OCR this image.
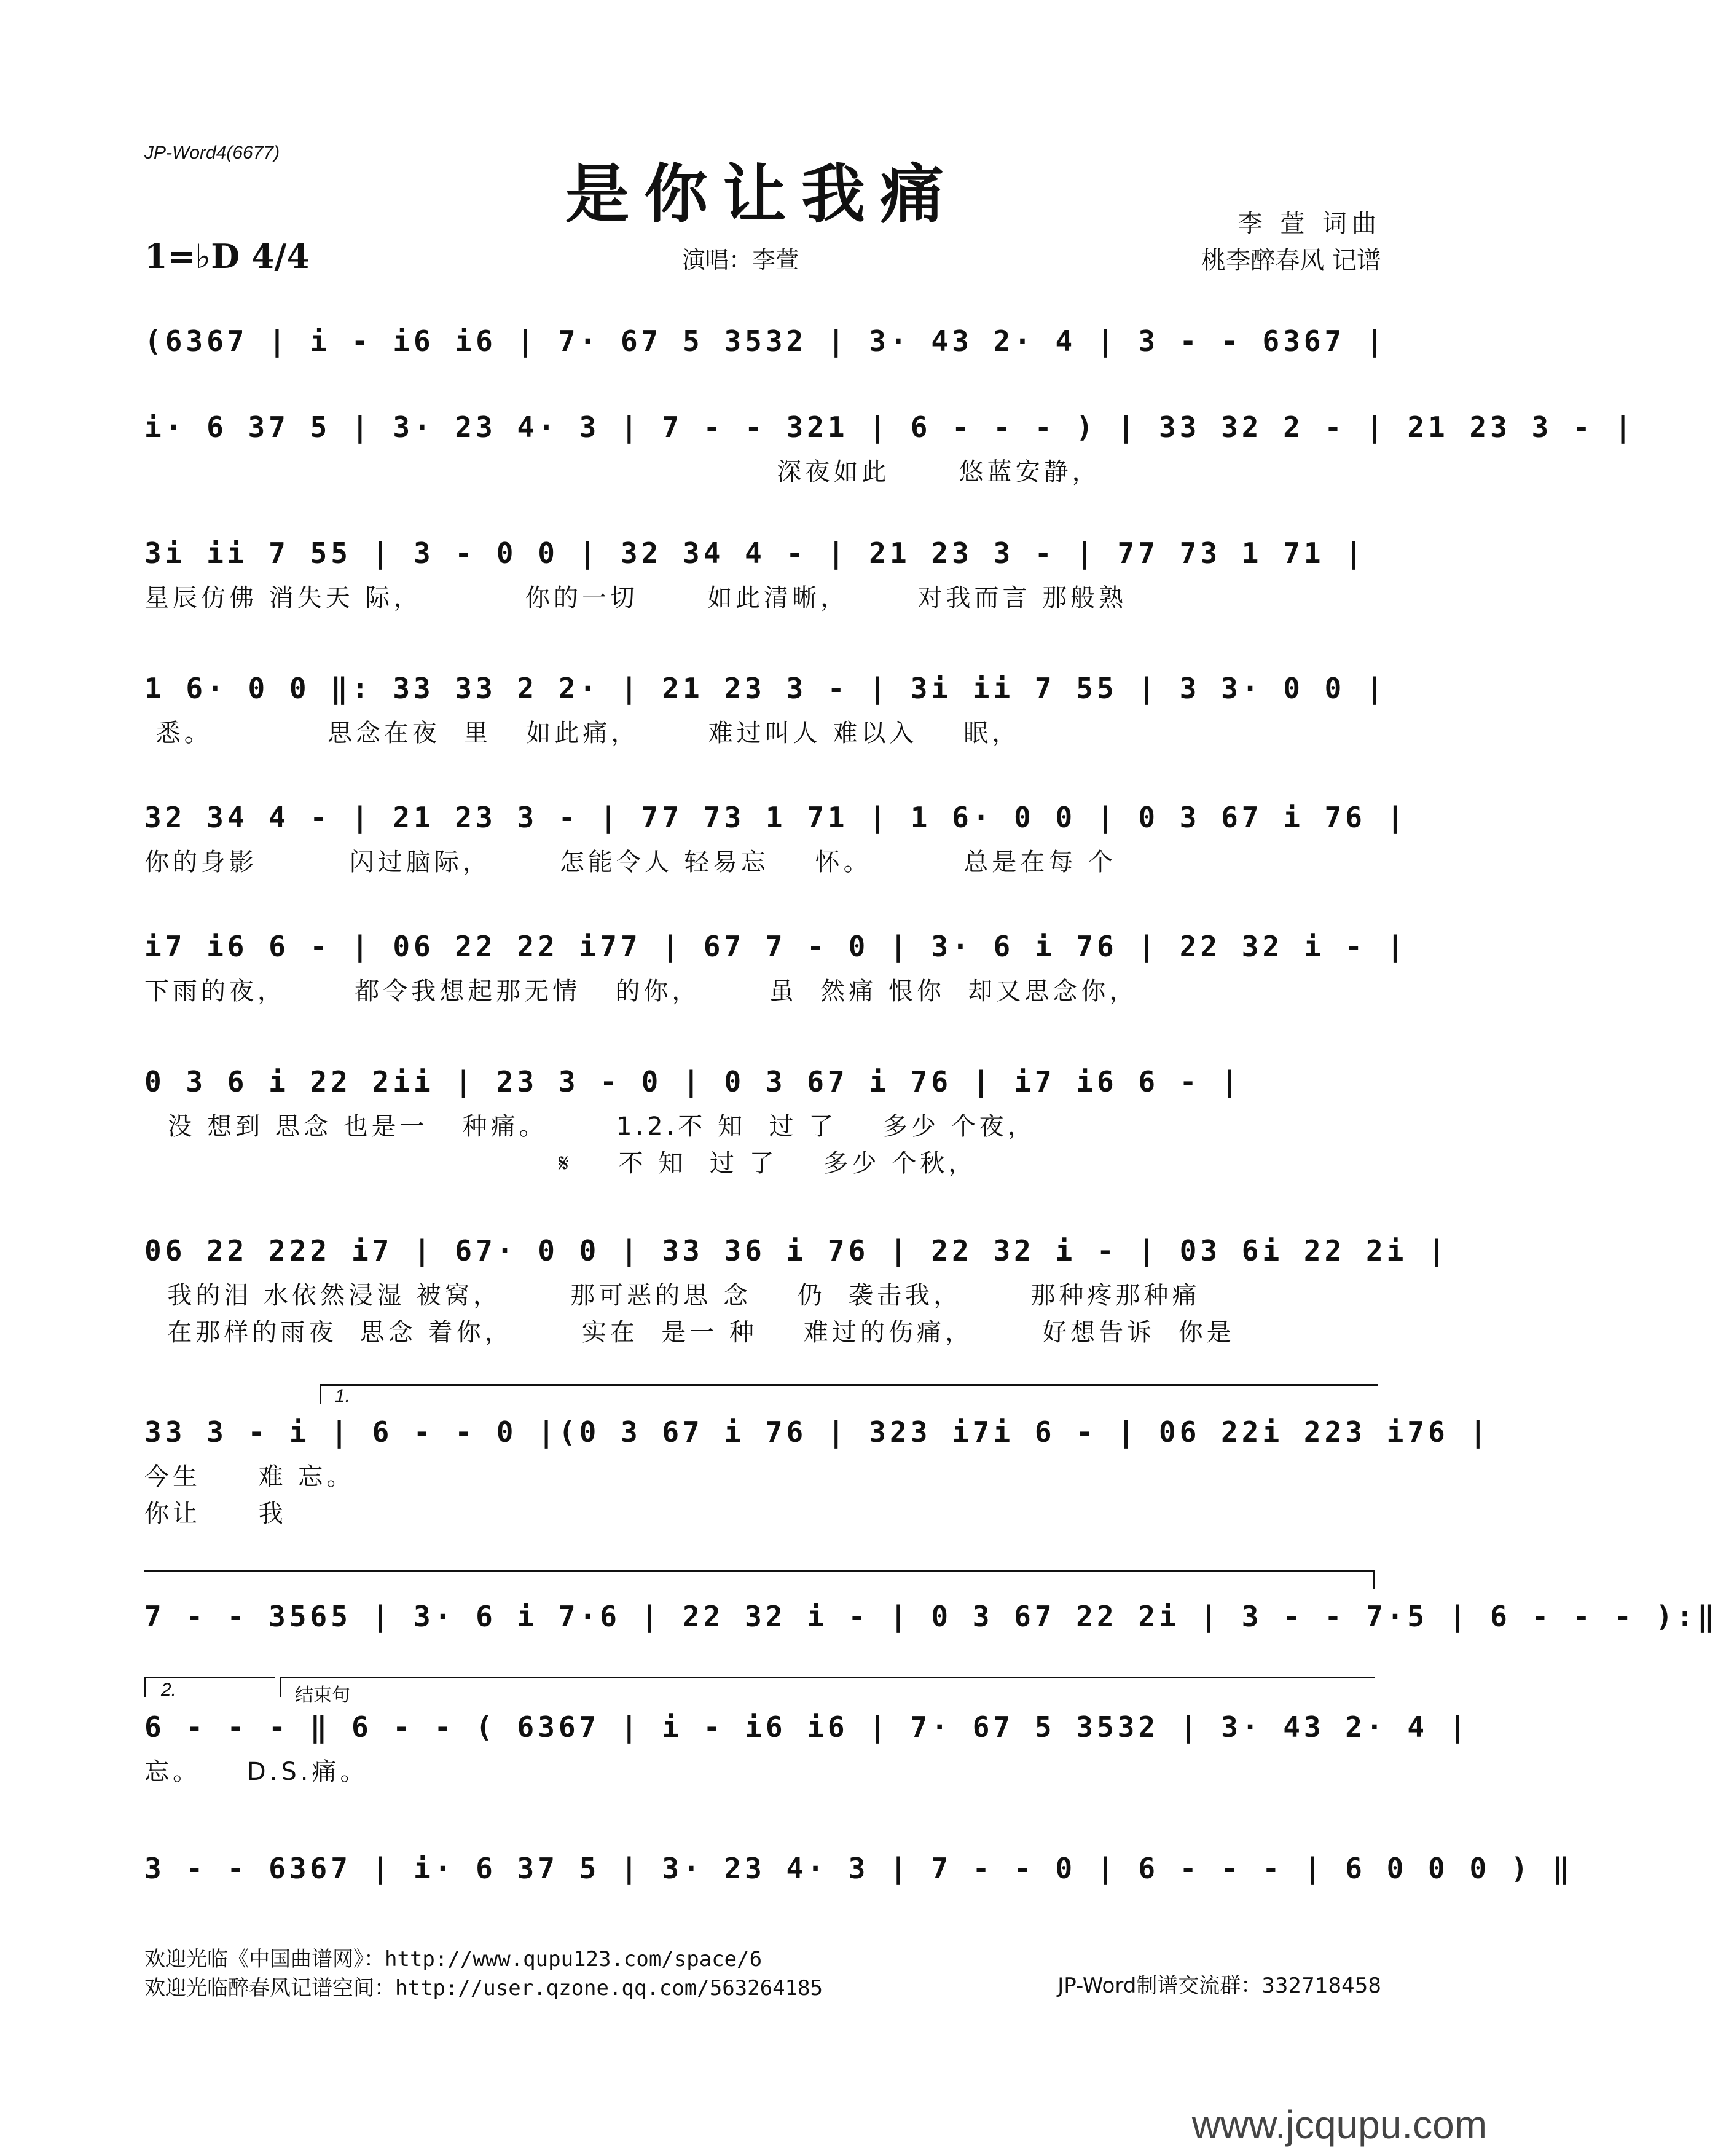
JP-Word4(6677)
是你让我痛
1=♭D 4/4	演唱：李萱
李 萱 词曲
桃李醉春风 记谱
(6367 | i - i6 i6 | 7· 67 5 3532 | 3· 43 2· 4 | 3 - - 6367 |
i· 6 37 5 | 3· 23 4· 3 | 7 - - 321 | 6 - - - ) | 33 32 2 - | 21 23 3 - |
深夜如此      悠蓝安静，
3i ii 7 55 | 3 - 0 0 | 32 34 4 - | 21 23 3 - | 77 73 1 71 |
星辰仿佛 消失天 际，         你的一切      如此清晰，      对我而言 那般熟
1 6· 0 0 ‖: 33 33 2 2· | 21 23 3 - | 3i ii 7 55 | 3 3· 0 0 |
悉。          思念在夜  里   如此痛，      难过叫人 难以入    眠，
32 34 4 - | 21 23 3 - | 77 73 1 71 | 1 6· 0 0 | 0 3 67 i 76 |
你的身影        闪过脑际，      怎能令人 轻易忘    怀。        总是在每 个
i7 i6 6 - | 06 22 22 i77 | 67 7 - 0 | 3· 6 i 76 | 22 32 i - |
下雨的夜，      都令我想起那无情   的你，      虽  然痛 恨你  却又思念你，
0 3 6 i 22 2ii | 23 3 - 0 | 0 3 67 i 76 | i7 i6 6 - |
没 想到 思念 也是一   种痛。      1.2.不 知  过 了    多少 个夜，
𝄋    不 知  过 了    多少 个秋，
06 22 222 i7 | 67· 0 0 | 33 36 i 76 | 22 32 i - | 03 6i 22 2i |
我的泪 水依然浸湿 被窝，      那可恶的思 念    仍  袭击我，      那种疼那种痛
在那样的雨夜  思念 着你，      实在  是一 种    难过的伤痛，      好想告诉  你是
1.
33 3 - i | 6 - - 0 |(0 3 67 i 76 | 323 i7i 6 - | 06 22i 223 i76 |
今生     难 忘。
你让     我
7 - - 3565 | 3· 6 i 7·6 | 22 32 i - | 0 3 67 22 2i | 3 - - 7·5 | 6 - - - ):‖
2.	结束句
6 - - - ‖ 6 - - ( 6367 | i - i6 i6 | 7· 67 5 3532 | 3· 43 2· 4 |
忘。    D.S.痛。
3 - - 6367 | i· 6 37 5 | 3· 23 4· 3 | 7 - - 0 | 6 - - - | 6 0 0 0 ) ‖
欢迎光临《中国曲谱网》：http://www.qupu123.com/space/6
欢迎光临醉春风记谱空间：http://user.qzone.qq.com/563264185	JP-Word制谱交流群：332718458
www.jcqupu.com
